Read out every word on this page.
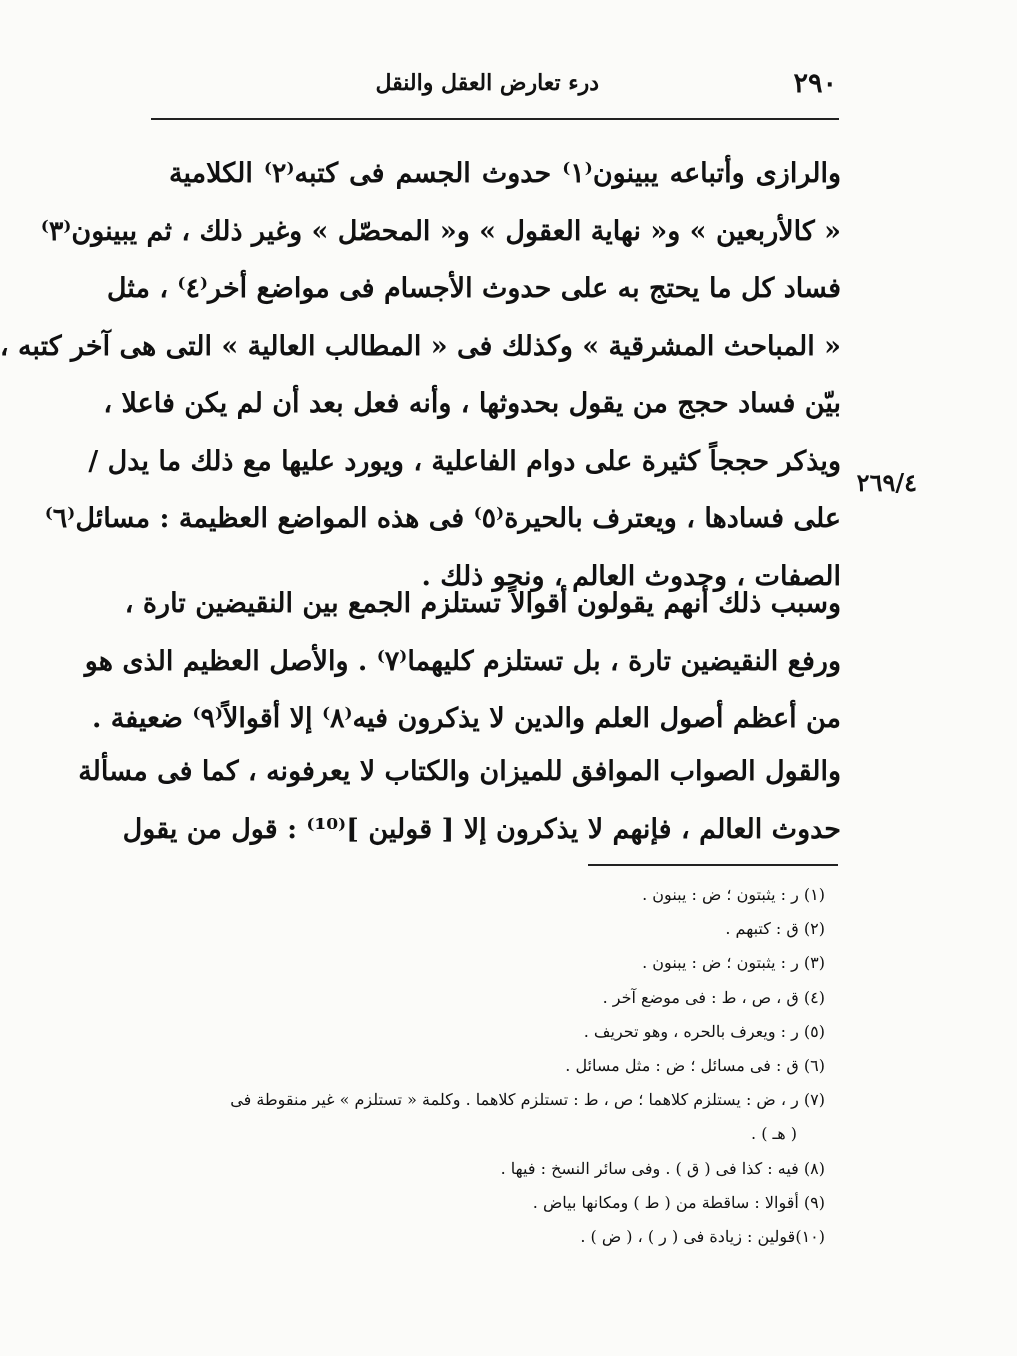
٢٩٠
درء تعارض العقل والنقل
٢٦٩/٤
والرازى وأتباعه يبينون⁽١⁾ حدوث الجسم فى كتبه⁽٢⁾ الكلامية
« كالأربعين » و« نهاية العقول » و« المحصّل » وغير ذلك ، ثم يبينون⁽٣⁾
فساد كل ما يحتج به على حدوث الأجسام فى مواضع أخر⁽٤⁾ ، مثل
« المباحث المشرقية » وكذلك فى « المطالب العالية » التى هى آخر كتبه ،
بيّن فساد حجج من يقول بحدوثها ، وأنه فعل بعد أن لم يكن فاعلا ،
ويذكر حججاً كثيرة على دوام الفاعلية ، ويورد عليها مع ذلك ما يدل /
على فسادها ، ويعترف بالحيرة⁽٥⁾ فى هذه المواضع العظيمة : مسائل⁽٦⁾
الصفات ، وحدوث العالم ، ونحو ذلك .
وسبب ذلك أنهم يقولون أقوالاً تستلزم الجمع بين النقيضين تارة ،
ورفع النقيضين تارة ، بل تستلزم كليهما⁽٧⁾ . والأصل العظيم الذى هو
من أعظم أصول العلم والدين لا يذكرون فيه⁽٨⁾ إلا أقوالاً⁽٩⁾ ضعيفة .
والقول الصواب الموافق للميزان والكتاب لا يعرفونه ، كما فى مسألة
حدوث العالم ، فإنهم لا يذكرون إلا [ قولين ]⁽¹⁰⁾ : قول من يقول
(١) ر : يثبتون ؛ ض : يبنون .
(٢) ق : كتبهم .
(٣) ر : يثبتون ؛ ض : يبنون .
(٤) ق ، ص ، ط : فى موضع آخر .
(٥) ر : ويعرف بالحره ، وهو تحريف .
(٦) ق : فى مسائل ؛ ض : مثل مسائل .
(٧) ر ، ض : يستلزم كلاهما ؛ ص ، ط : تستلزم كلاهما . وكلمة « تستلزم » غير منقوطة فى
( هـ ) .
(٨) فيه : كذا فى ( ق ) . وفى سائر النسخ : فيها .
(٩) أقوالا : ساقطة من ( ط ) ومكانها بياض .
(١٠)قولين : زيادة فى ( ر ) ، ( ض ) .
